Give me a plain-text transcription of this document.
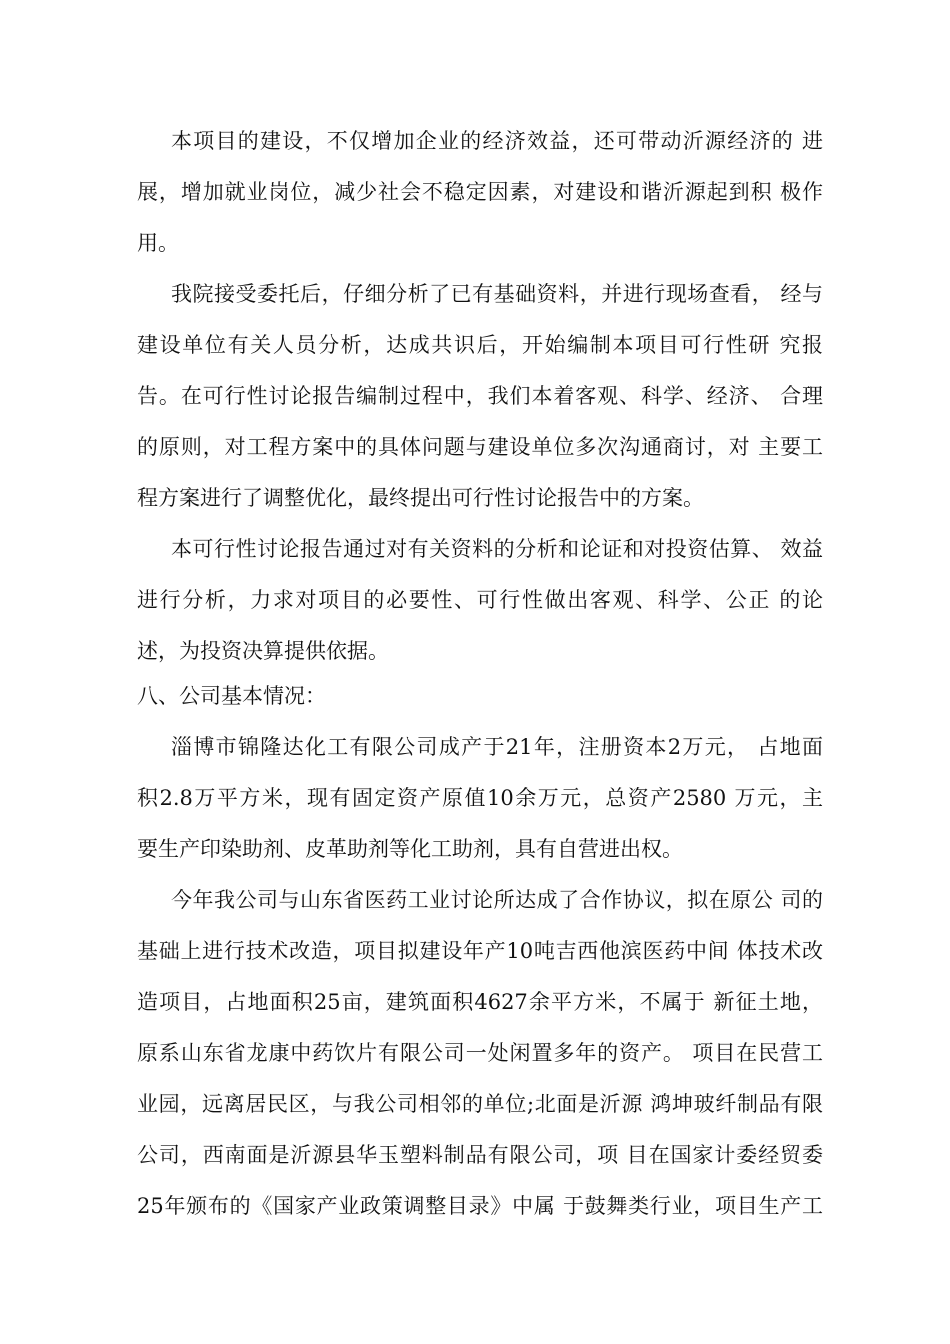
本项目的建设，不仅增加企业的经济效益，还可带动沂源经济的 进
展，增加就业岗位，减少社会不稳定因素，对建设和谐沂源起到积 极作
用。
我院接受委托后，仔细分析了已有基础资料，并进行现场查看， 经与
建设单位有关人员分析，达成共识后，开始编制本项目可行性研 究报
告。在可行性讨论报告编制过程中，我们本着客观、科学、经济、 合理
的原则，对工程方案中的具体问题与建设单位多次沟通商讨，对 主要工
程方案进行了调整优化，最终提出可行性讨论报告中的方案。
本可行性讨论报告通过对有关资料的分析和论证和对投资估算、 效益
进行分析，力求对项目的必要性、可行性做出客观、科学、公正 的论
述，为投资决算提供依据。
八、公司基本情况：
淄博市锦隆达化工有限公司成产于21年，注册资本2万元， 占地面
积2.8万平方米，现有固定资产原值10余万元，总资产2580 万元，主
要生产印染助剂、皮革助剂等化工助剂，具有自营进出权。
今年我公司与山东省医药工业讨论所达成了合作协议，拟在原公 司的
基础上进行技术改造，项目拟建设年产10吨吉西他滨医药中间 体技术改
造项目，占地面积25亩，建筑面积4627余平方米，不属于 新征土地，
原系山东省龙康中药饮片有限公司一处闲置多年的资产。 项目在民营工
业园，远离居民区，与我公司相邻的单位;北面是沂源 鸿坤玻纤制品有限
公司，西南面是沂源县华玉塑料制品有限公司，项 目在国家计委经贸委
25年颁布的《国家产业政策调整目录》中属 于鼓舞类行业，项目生产工
